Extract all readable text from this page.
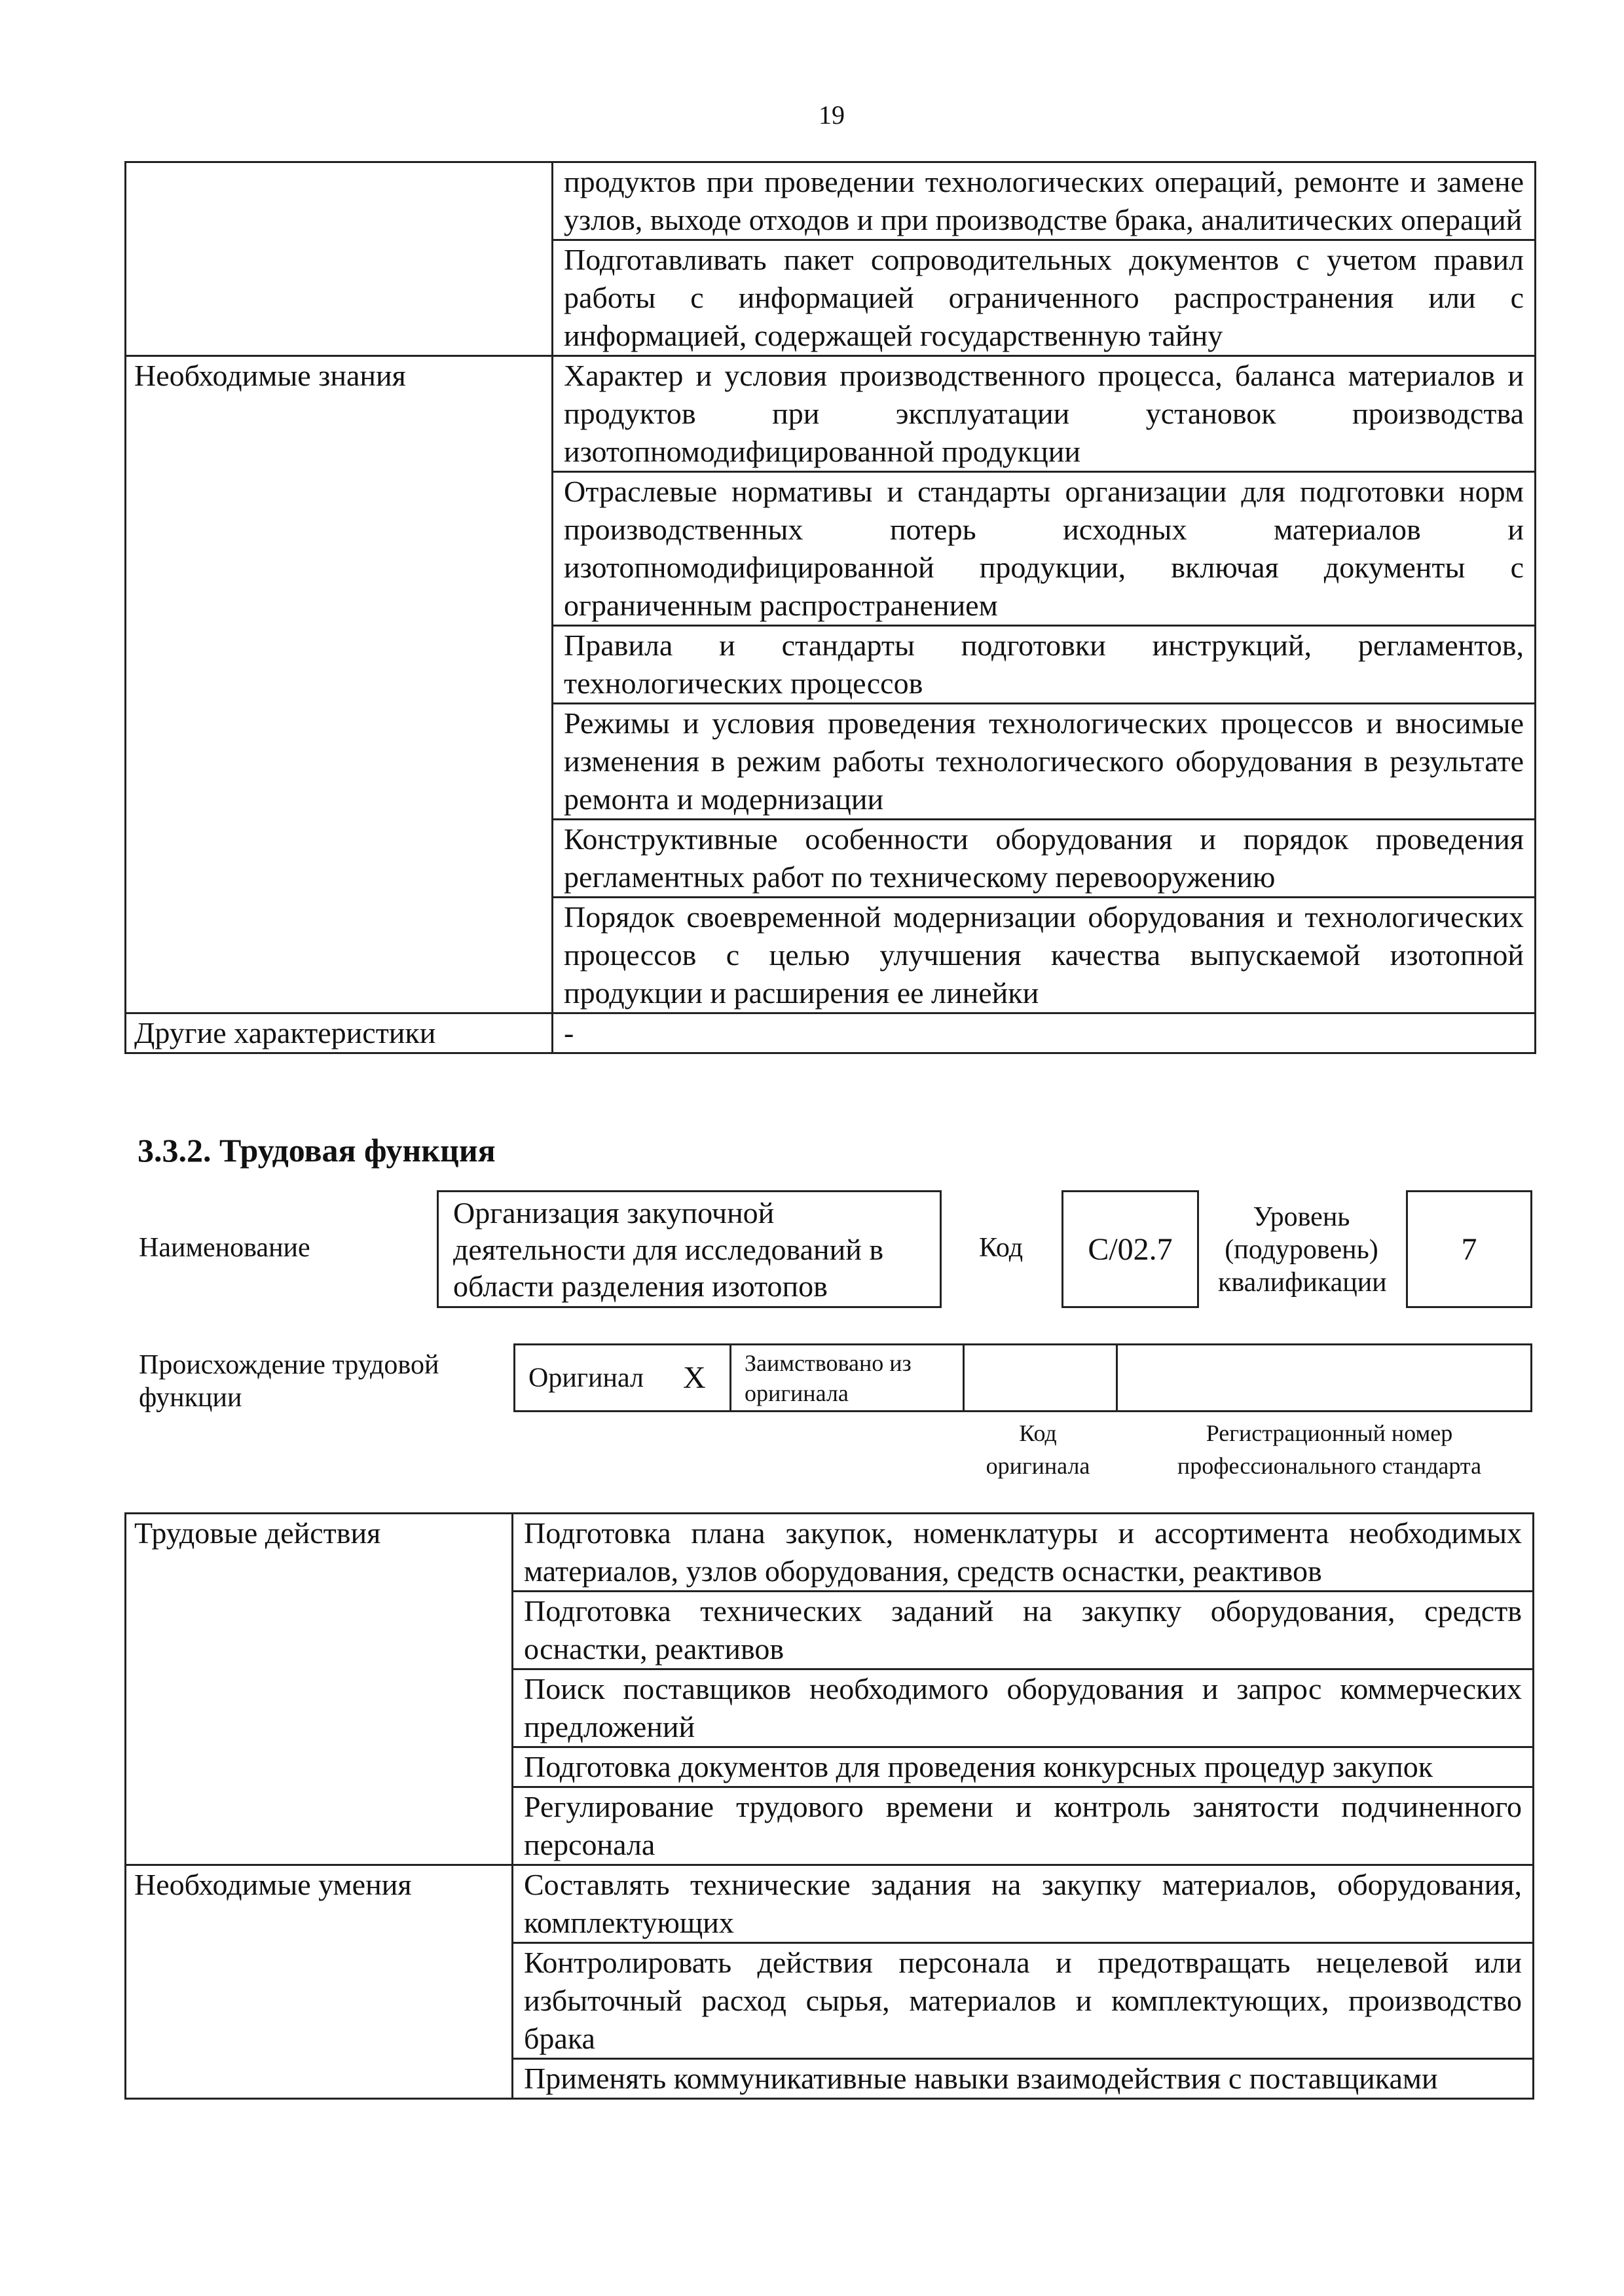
19
	продуктов при проведении технологических операций, ремонте и замене узлов, выходе отходов и при производстве брака, аналитических операций
	Подготавливать пакет сопроводительных документов с учетом правил работы с информацией ограниченного распространения или с информацией, содержащей государственную тайну
Необходимые знания	Характер и условия производственного процесса, баланса материалов и продуктов при эксплуатации установок производства изотопномодифицированной продукции
	Отраслевые нормативы и стандарты организации для подготовки норм производственных потерь исходных материалов и изотопномодифицированной продукции, включая документы с ограниченным распространением
	Правила и стандарты подготовки инструкций, регламентов, технологических процессов
	Режимы и условия проведения технологических процессов и вносимые изменения в режим работы технологического оборудования в результате ремонта и модернизации
	Конструктивные особенности оборудования и порядок проведения регламентных работ по техническому перевооружению
	Порядок своевременной модернизации оборудования и технологических процессов с целью улучшения качества выпускаемой изотопной продукции и расширения ее линейки
Другие характеристики	-
3.3.2. Трудовая функция
Наименование
Организация закупочной деятельности для исследований в области разделения изотопов
Код	C/02.7
Уровень (подуровень) квалификации
7
Происхождение трудовой функции
Оригинал X Заимствовано из оригинала
Код оригинала
Регистрационный номер профессионального стандарта
Трудовые действия	Подготовка плана закупок, номенклатуры и ассортимента необходимых материалов, узлов оборудования, средств оснастки, реактивов
	Подготовка технических заданий на закупку оборудования, средств оснастки, реактивов
	Поиск поставщиков необходимого оборудования и запрос коммерческих предложений
	Подготовка документов для проведения конкурсных процедур закупок
	Регулирование трудового времени и контроль занятости подчиненного персонала
Необходимые умения	Составлять технические задания на закупку материалов, оборудования, комплектующих
	Контролировать действия персонала и предотвращать нецелевой или избыточный расход сырья, материалов и комплектующих, производство брака
	Применять коммуникативные навыки взаимодействия с поставщиками
